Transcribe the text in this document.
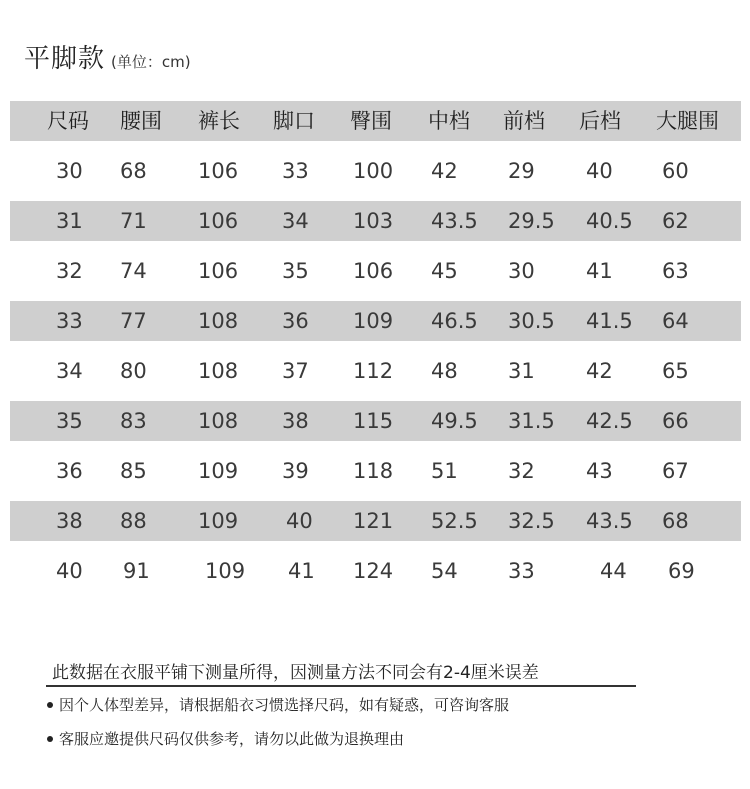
平脚款 (单位：cm)
尺码 腰围 裤长 脚口 臀围 中档 前档 后档 大腿围
30 68 106 33 100 42 29 40 60
31 71 106 34 103 43.5 29.5 40.5 62
32 74 106 35 106 45 30 41 63
33 77 108 36 109 46.5 30.5 41.5 64
34 80 108 37 112 48 31 42 65
35 83 108 38 115 49.5 31.5 42.5 66
36 85 109 39 118 51 32 43 67
38 88 109 40 121 52.5 32.5 43.5 68
40 91	109 41 124 54 33	44 69
此数据在衣服平铺下测量所得，因测量方法不同会有2-4厘米误差
因个人体型差异，请根据船衣习惯选择尺码，如有疑惑，可咨询客服
客服应邀提供尺码仅供参考，请勿以此做为退换理由
